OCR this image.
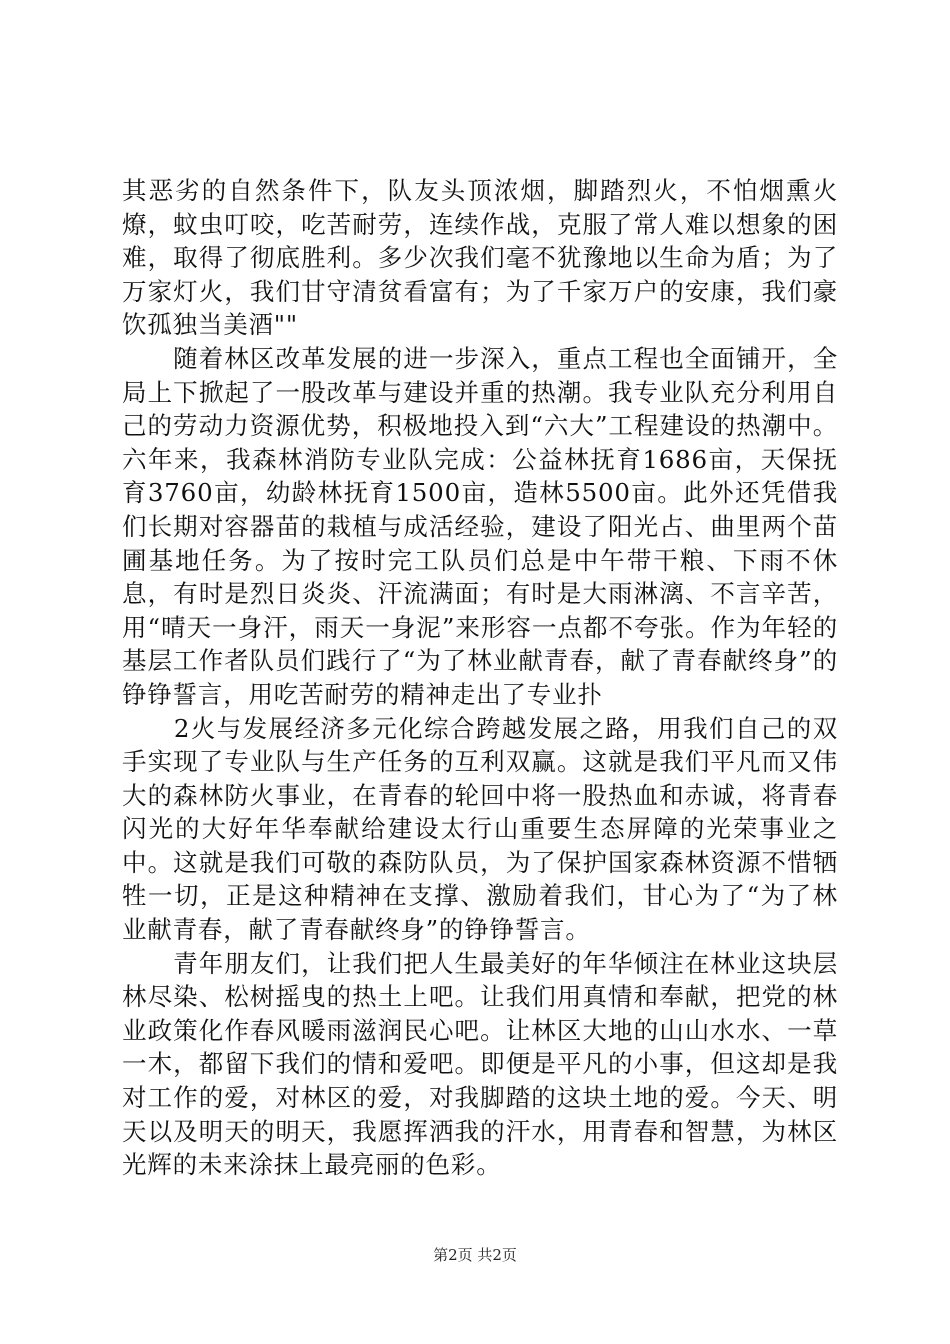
其恶劣的自然条件下，队友头顶浓烟，脚踏烈火，不怕烟熏火燎，蚊虫叮咬，吃苦耐劳，连续作战，克服了常人难以想象的困难，取得了彻底胜利。多少次我们毫不犹豫地以生命为盾；为了万家灯火，我们甘守清贫看富有；为了千家万户的安康，我们豪饮孤独当美酒""

　　随着林区改革发展的进一步深入，重点工程也全面铺开，全局上下掀起了一股改革与建设并重的热潮。我专业队充分利用自己的劳动力资源优势，积极地投入到“六大”工程建设的热潮中。六年来，我森林消防专业队完成：公益林抚育1686亩，天保抚育3760亩，幼龄林抚育1500亩，造林5500亩。此外还凭借我们长期对容器苗的栽植与成活经验，建设了阳光占、曲里两个苗圃基地任务。为了按时完工队员们总是中午带干粮、下雨不休息，有时是烈日炎炎、汗流满面；有时是大雨淋漓、不言辛苦，用“晴天一身汗，雨天一身泥”来形容一点都不夸张。作为年轻的基层工作者队员们践行了“为了林业献青春，献了青春献终身”的铮铮誓言，用吃苦耐劳的精神走出了专业扑

　　2火与发展经济多元化综合跨越发展之路，用我们自己的双手实现了专业队与生产任务的互利双赢。这就是我们平凡而又伟大的森林防火事业，在青春的轮回中将一股热血和赤诚，将青春闪光的大好年华奉献给建设太行山重要生态屏障的光荣事业之中。这就是我们可敬的森防队员，为了保护国家森林资源不惜牺牲一切，正是这种精神在支撑、激励着我们，甘心为了“为了林业献青春，献了青春献终身”的铮铮誓言。

　　青年朋友们，让我们把人生最美好的年华倾注在林业这块层林尽染、松树摇曳的热土上吧。让我们用真情和奉献，把党的林业政策化作春风暖雨滋润民心吧。让林区大地的山山水水、一草一木，都留下我们的情和爱吧。即便是平凡的小事，但这却是我对工作的爱，对林区的爱，对我脚踏的这块土地的爱。今天、明天以及明天的明天，我愿挥洒我的汗水，用青春和智慧，为林区光辉的未来涂抹上最亮丽的色彩。

第2页 共2页
